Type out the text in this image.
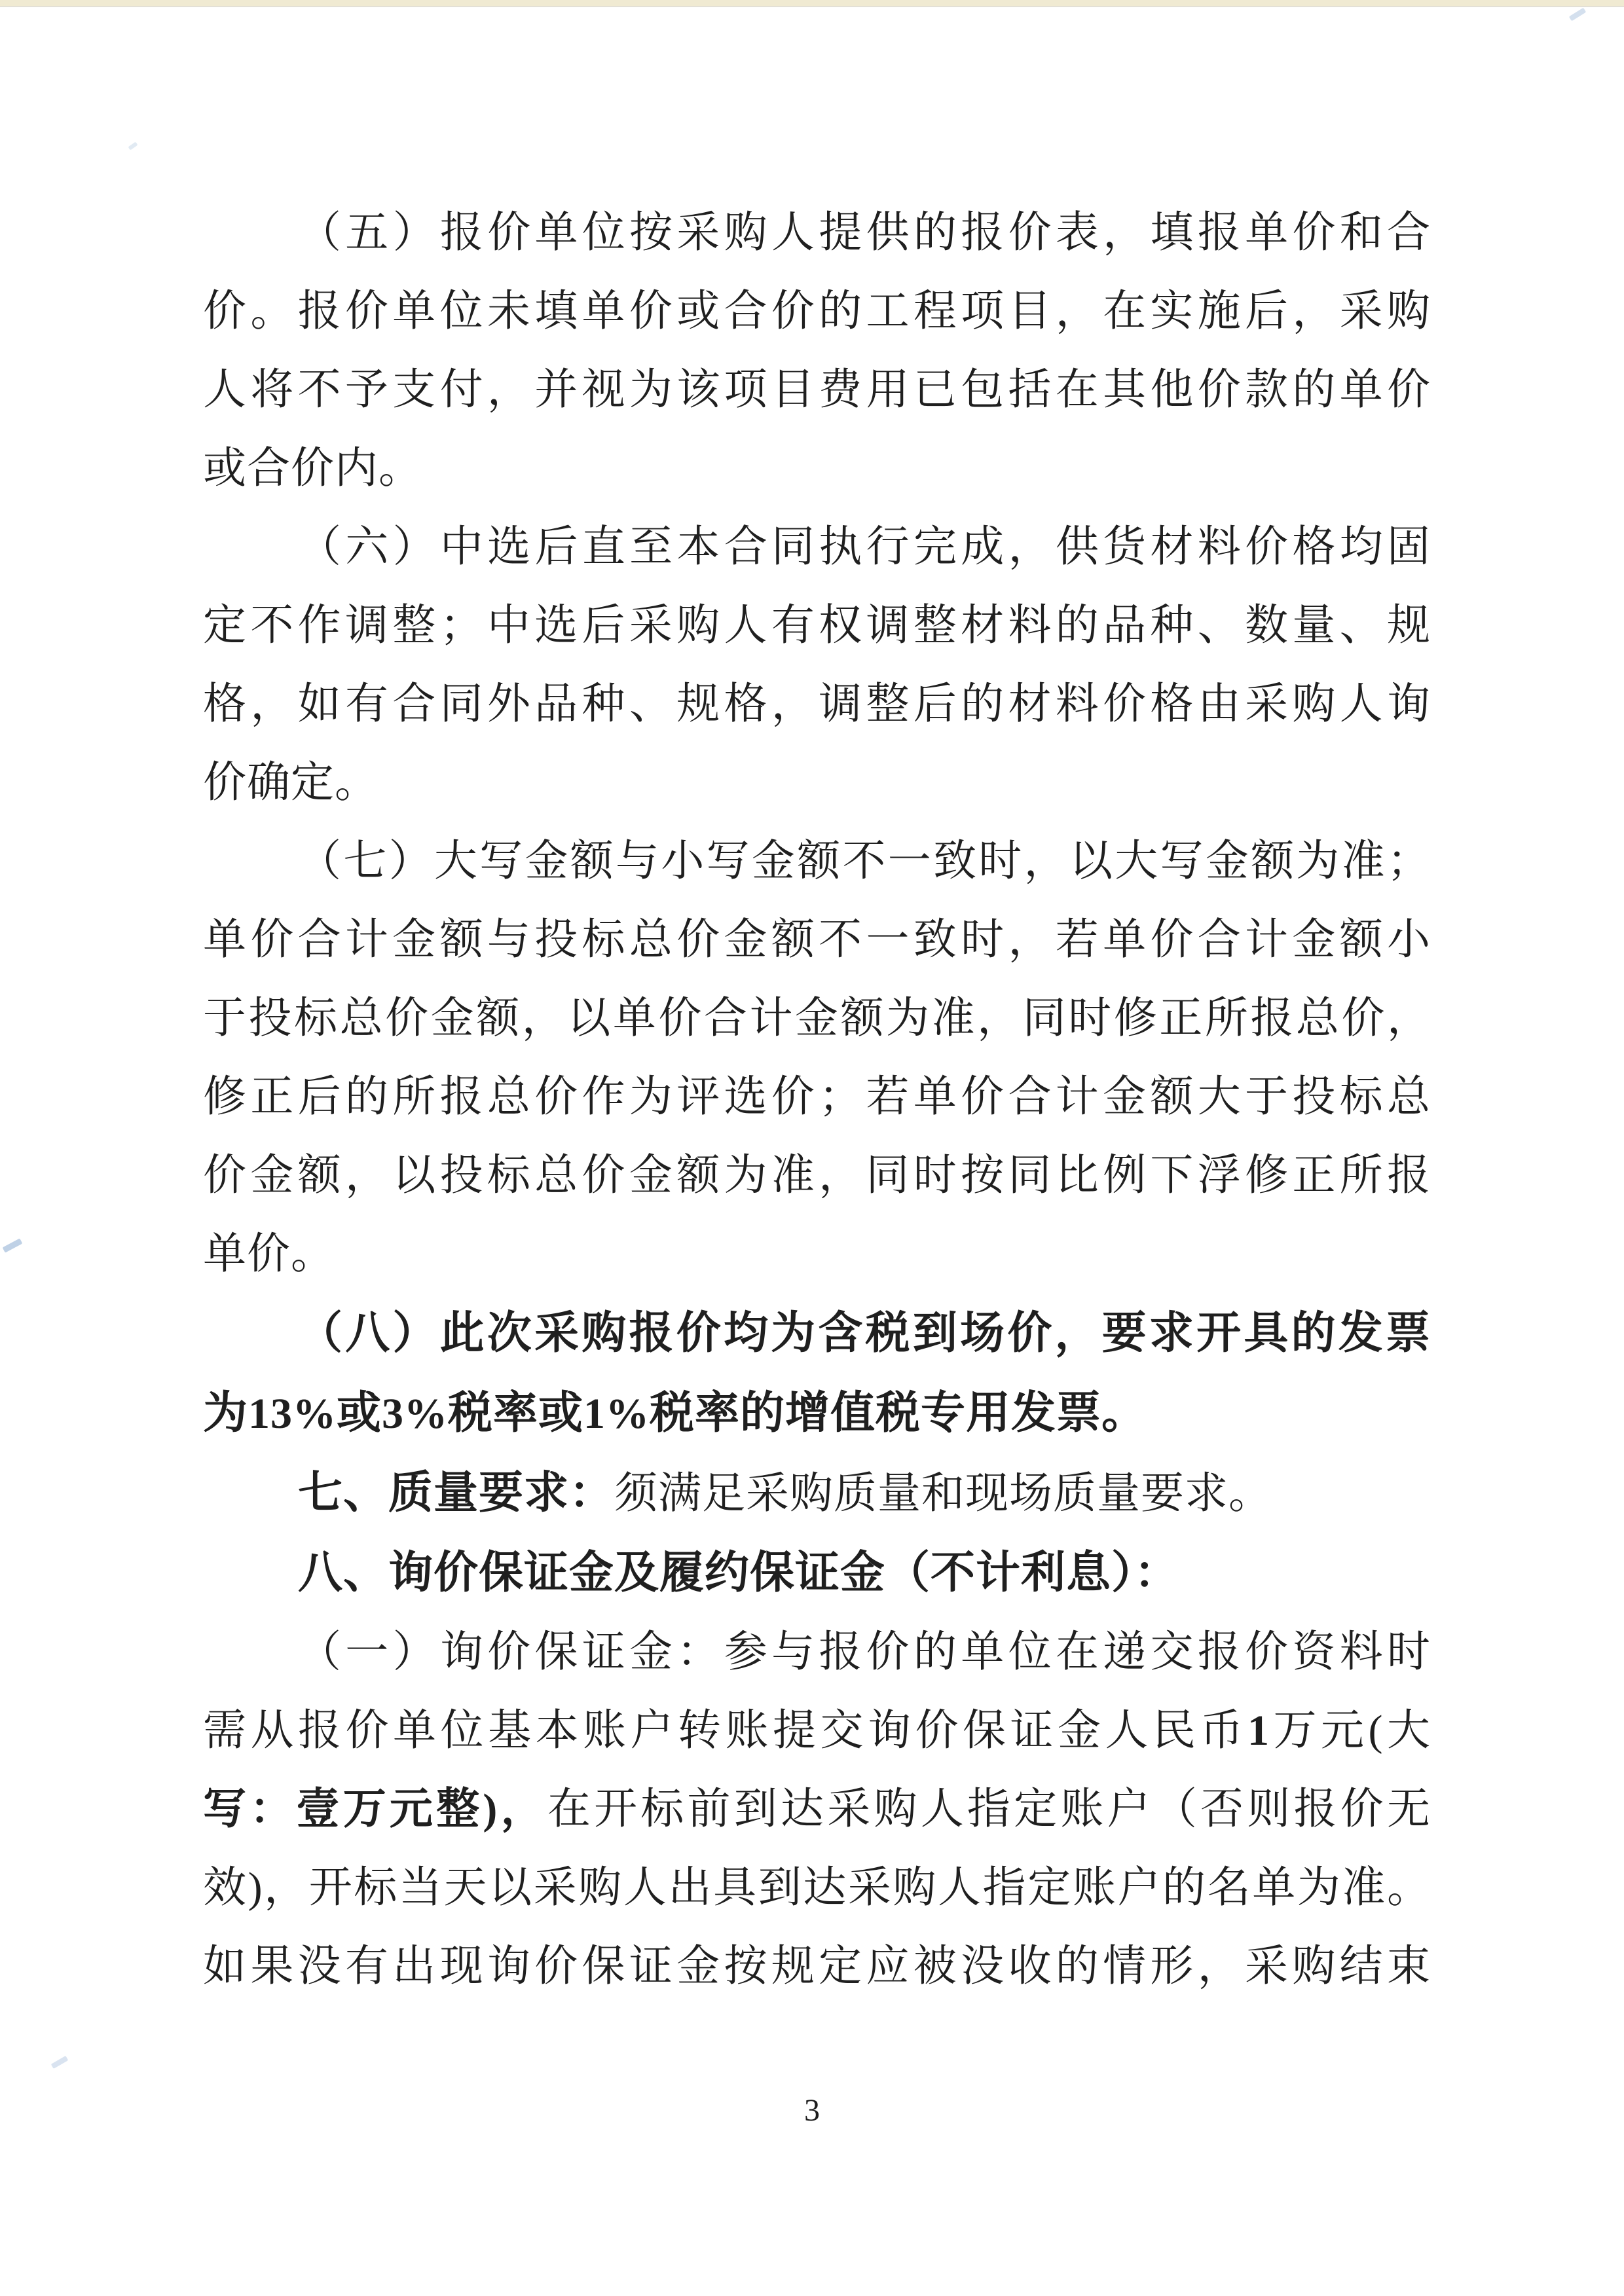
（五）报价单位按采购人提供的报价表，填报单价和合
价。报价单位未填单价或合价的工程项目，在实施后，采购
人将不予支付，并视为该项目费用已包括在其他价款的单价
或合价内。
（六）中选后直至本合同执行完成，供货材料价格均固
定不作调整；中选后采购人有权调整材料的品种、数量、规
格，如有合同外品种、规格，调整后的材料价格由采购人询
价确定。
（七）大写金额与小写金额不一致时，以大写金额为准；
单价合计金额与投标总价金额不一致时，若单价合计金额小
于投标总价金额，以单价合计金额为准，同时修正所报总价，
修正后的所报总价作为评选价；若单价合计金额大于投标总
价金额，以投标总价金额为准，同时按同比例下浮修正所报
单价。
（八）此次采购报价均为含税到场价，要求开具的发票
为13%或3%税率或1%税率的增值税专用发票。
七、质量要求：须满足采购质量和现场质量要求。
八、询价保证金及履约保证金（不计利息）：
（一）询价保证金：参与报价的单位在递交报价资料时
需从报价单位基本账户转账提交询价保证金人民币1万元(大
写：壹万元整)，在开标前到达采购人指定账户（否则报价无
效)，开标当天以采购人出具到达采购人指定账户的名单为准。
如果没有出现询价保证金按规定应被没收的情形，采购结束
3
